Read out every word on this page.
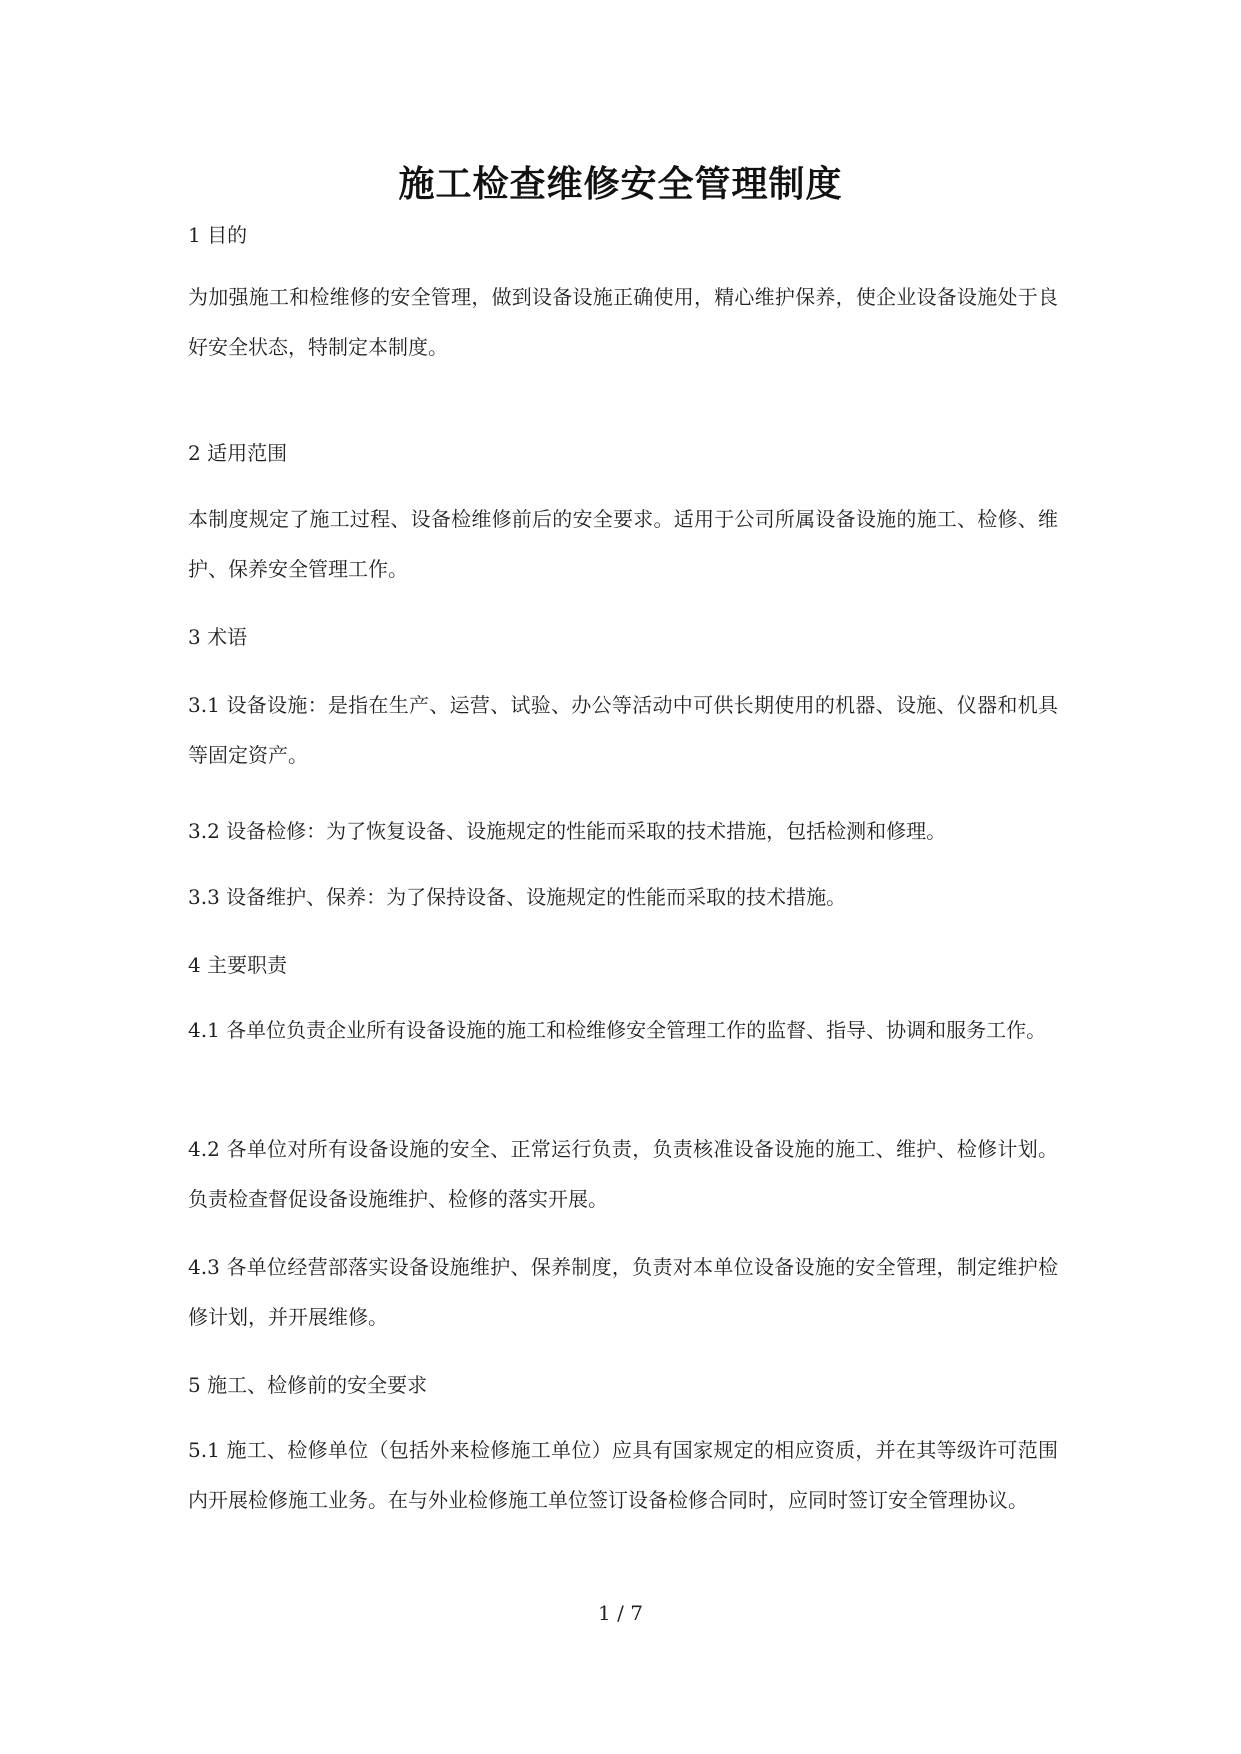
施工检查维修安全管理制度
1 目的
为加强施工和检维修的安全管理，做到设备设施正确使用，精心维护保养，使企业设备设施处于良好安全状态，特制定本制度。
2 适用范围
本制度规定了施工过程、设备检维修前后的安全要求。适用于公司所属设备设施的施工、检修、维护、保养安全管理工作。
3 术语
3.1 设备设施：是指在生产、运营、试验、办公等活动中可供长期使用的机器、设施、仪器和机具等固定资产。
3.2 设备检修：为了恢复设备、设施规定的性能而采取的技术措施，包括检测和修理。
3.3 设备维护、保养：为了保持设备、设施规定的性能而采取的技术措施。
4 主要职责
4.1 各单位负责企业所有设备设施的施工和检维修安全管理工作的监督、指导、协调和服务工作。
4.2 各单位对所有设备设施的安全、正常运行负责，负责核准设备设施的施工、维护、检修计划。负责检查督促设备设施维护、检修的落实开展。
4.3 各单位经营部落实设备设施维护、保养制度，负责对本单位设备设施的安全管理，制定维护检修计划，并开展维修。
5 施工、检修前的安全要求
5.1 施工、检修单位（包括外来检修施工单位）应具有国家规定的相应资质，并在其等级许可范围内开展检修施工业务。在与外业检修施工单位签订设备检修合同时，应同时签订安全管理协议。
1 / 7
